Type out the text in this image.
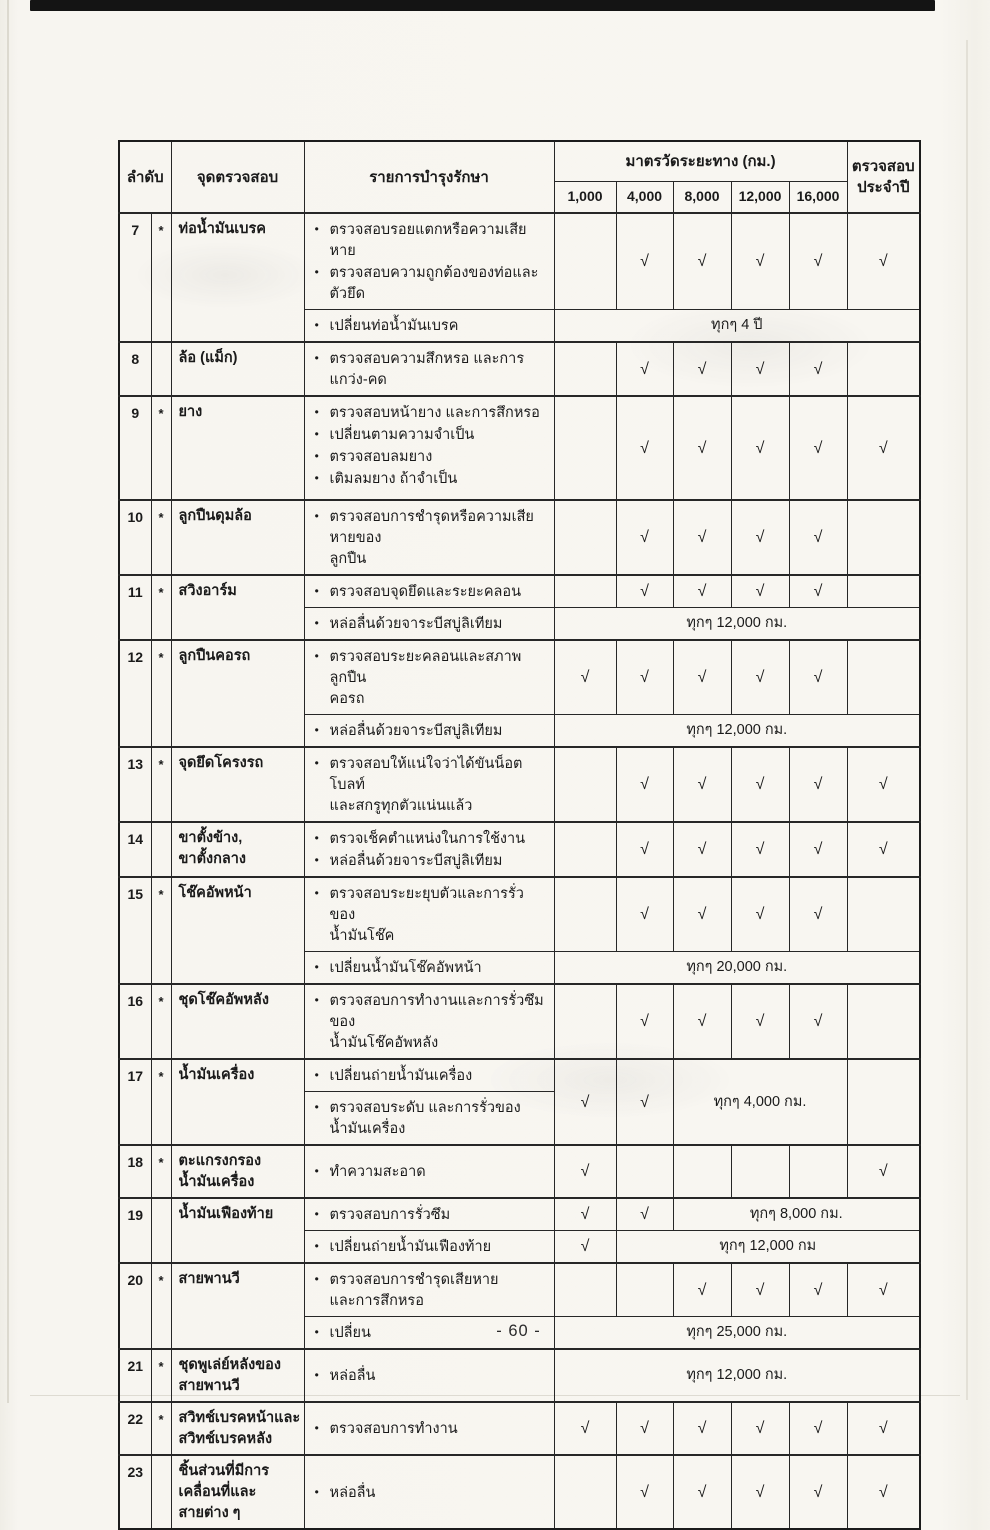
ลำดับ		จุดตรวจสอบ	รายการบำรุงรักษา	มาตรวัดระยะทาง (กม.)					ตรวจสอบ
ประจำปี

				1,000	4,000	8,000	12,000	16,000	
7	*	ท่อน้ำมันเบรค	• ตรวจสอบรอยแตกหรือความเสียหาย

• ตรวจสอบความถูกต้องของท่อและตัวยึด		√	√	√	√	√

			• เปลี่ยนท่อน้ำมันเบรค	ทุกๆ 4 ปี					
8		ล้อ (แม็ก)	• ตรวจสอบความสึกหรอ และการแกว่ง-คด		√	√	√	√	
9	*	ยาง	• ตรวจสอบหน้ายาง และการสึกหรอ

• เปลี่ยนตามความจำเป็น

• ตรวจสอบลมยาง

• เติมลมยาง ถ้าจำเป็น		√	√	√	√	√
10	*	ลูกปืนดุมล้อ	• ตรวจสอบการชำรุดหรือความเสียหายของ

ลูกปืน		√	√	√	√	
11	*	สวิงอาร์ม	• ตรวจสอบจุดยึดและระยะคลอน		√	√	√	√	

			• หล่อลื่นด้วยจาระบีสบู่ลิเทียม	ทุกๆ 12,000 กม.					
12	*	ลูกปืนคอรถ	• ตรวจสอบระยะคลอนและสภาพลูกปืน

คอรถ	√	√	√	√	√	

			• หล่อลื่นด้วยจาระบีสบู่ลิเทียม	ทุกๆ 12,000 กม.					
13	*	จุดยึดโครงรถ	• ตรวจสอบให้แน่ใจว่าได้ขันน็อต โบลท์

และสกรูทุกตัวแน่นแล้ว		√	√	√	√	√
14		ขาตั้งข้าง,
ขาตั้งกลาง

• ตรวจเช็คตำแหน่งในการใช้งาน

• หล่อลื่นด้วยจาระบีสบู่ลิเทียม

		√	√	√	√	√
15	*	โช๊คอัพหน้า	• ตรวจสอบระยะยุบตัวและการรั่วของ

น้ำมันโช๊ค		√	√	√	√	

			• เปลี่ยนน้ำมันโช๊คอัพหน้า	ทุกๆ 20,000 กม.					
16	*	ชุดโช๊คอัพหลัง	• ตรวจสอบการทำงานและการรั่วซึมของ

น้ำมันโช๊คอัพหลัง		√	√	√	√	
17	*	น้ำมันเครื่อง	• เปลี่ยนถ่ายน้ำมันเครื่อง	√	√	ทุกๆ 4,000 กม.			

			• ตรวจสอบระดับ และการรั่วของ

น้ำมันเครื่อง						

18	*	ตะแกรงกรอง
น้ำมันเครื่อง	• ทำความสะอาด	√					√
19		น้ำมันเฟืองท้าย	• ตรวจสอบการรั่วซึม	√	√	ทุกๆ 8,000 กม.			

			• เปลี่ยนถ่ายน้ำมันเฟืองท้าย	√	ทุกๆ 12,000 กม				
20	*	สายพานวี	• ตรวจสอบการชำรุดเสียหาย

และการสึกหรอ			√	√	√	√

			• เปลี่ยน	ทุกๆ 25,000 กม.					
21	*	ชุดพูเล่ย์หลังของ
สายพานวี	• หล่อลื่น	ทุกๆ 12,000 กม.					
22	*	สวิทช์เบรคหน้าและ
สวิทช์เบรคหลัง	• ตรวจสอบการทำงาน	√	√	√	√	√	√
23		ชิ้นส่วนที่มีการ
เคลื่อนที่และ
สายต่าง ๆ	• หล่อลื่น		√	√	√	√	√
- 60 -
